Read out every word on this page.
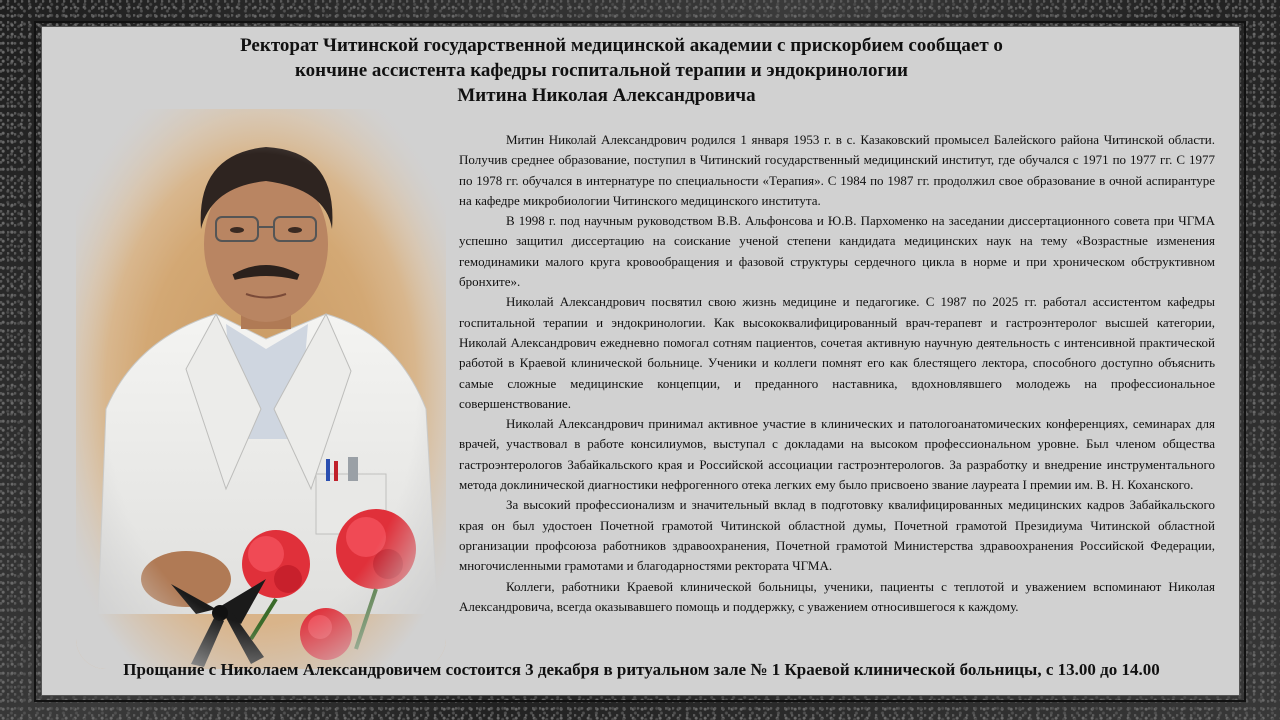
Ректорат Читинской государственной медицинской академии с прискорбием сообщает о
кончине ассистента кафедры госпитальной терапии и эндокринологии
Митина Николая Александровича

Митин Николай Александрович родился 1 января 1953 г. в с. Казаковский промысел Балейского района Читинской области. Получив среднее образование, поступил в Читинский государственный медицинский институт, где обучался с 1971 по 1977 гг. С 1977 по 1978 гг. обучался в интернатуре по специальности «Терапия». С 1984 по 1987 гг. продолжил свое образование в очной аспирантуре на кафедре микробиологии Читинского медицинского института.

В 1998 г. под научным руководством В.В. Альфонсова и Ю.В. Пархоменко на заседании диссертационного совета при ЧГМА успешно защитил диссертацию на соискание ученой степени кандидата медицинских наук на тему «Возрастные изменения гемодинамики малого круга кровообращения и фазовой структуры сердечного цикла в норме и при хроническом обструктивном бронхите».

Николай Александрович посвятил свою жизнь медицине и педагогике. С 1987 по 2025 гг. работал ассистентом кафедры госпитальной терапии и эндокринологии. Как высококвалифицированный врач-терапевт и гастроэнтеролог высшей категории, Николай Александрович ежедневно помогал сотням пациентов, сочетая активную научную деятельность с интенсивной практической работой в Краевой клинической больнице. Ученики и коллеги помнят его как блестящего лектора, способного доступно объяснить самые сложные медицинские концепции, и преданного наставника, вдохновлявшего молодежь на профессиональное совершенствование.

Николай Александрович принимал активное участие в клинических и патологоанатомических конференциях, семинарах для врачей, участвовал в работе консилиумов, выступал с докладами на высоком профессиональном уровне. Был членом общества гастроэнтерологов Забайкальского края и Российской ассоциации гастроэнтерологов. За разработку и внедрение инструментального метода доклинической диагностики нефрогенного отека легких ему было присвоено звание лауреата I премии им. В. Н. Коханского.

За высокий профессионализм и значительный вклад в подготовку квалифицированных медицинских кадров Забайкальского края он был удостоен Почетной грамотой Читинской областной думы, Почетной грамотой Президиума Читинской областной организации профсоюза работников здравоохранения, Почетной грамотой Министерства здравоохранения Российской Федерации, многочисленными грамотами и благодарностями ректората ЧГМА.

Коллеги, работники Краевой клинической больницы, ученики, пациенты с теплотой и уважением вспоминают Николая Александровича, всегда оказывавшего помощь и поддержку, с уважением относившегося к каждому.

Прощание с Николаем Александровичем состоится 3 декабря в ритуальном зале № 1 Краевой клинической больницы, с 13.00 до 14.00
